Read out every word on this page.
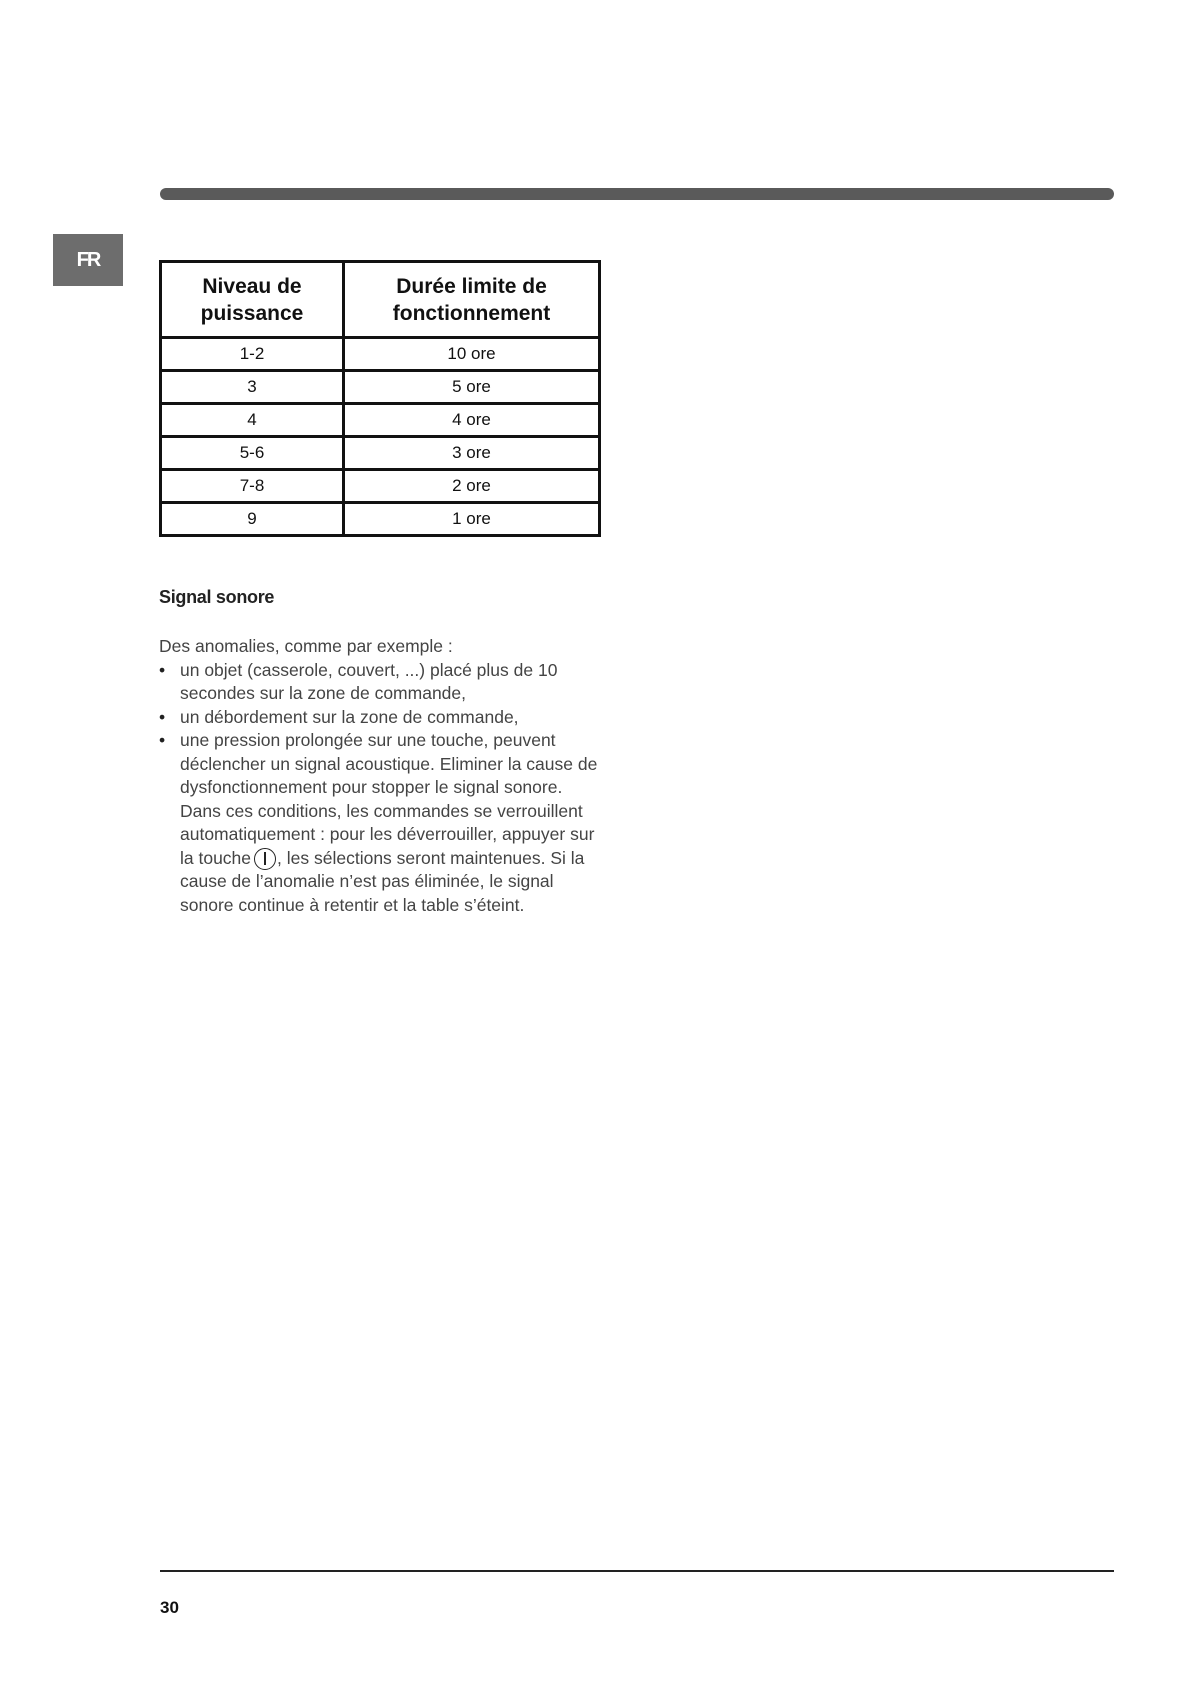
FR
Niveau de puissance	Durée limite de fonctionnement
1-2	10 ore
3	5 ore
4	4 ore
5-6	3 ore
7-8	2 ore
9	1 ore
Signal sonore

Des anomalies, comme par exemple :

• un objet (casserole, couvert, ...) placé plus de 10 secondes sur la zone de commande,
• un débordement sur la zone de commande,
• une pression prolongée sur une touche, peuvent déclencher un signal acoustique. Eliminer la cause de dysfonctionnement pour stopper le signal sonore. Dans ces conditions, les commandes se verrouillent automatiquement : pour les déverrouiller, appuyer sur la touche , les sélections seront maintenues. Si la cause de l’anomalie n’est pas éliminée, le signal sonore continue à retentir et la table s’éteint.
30
